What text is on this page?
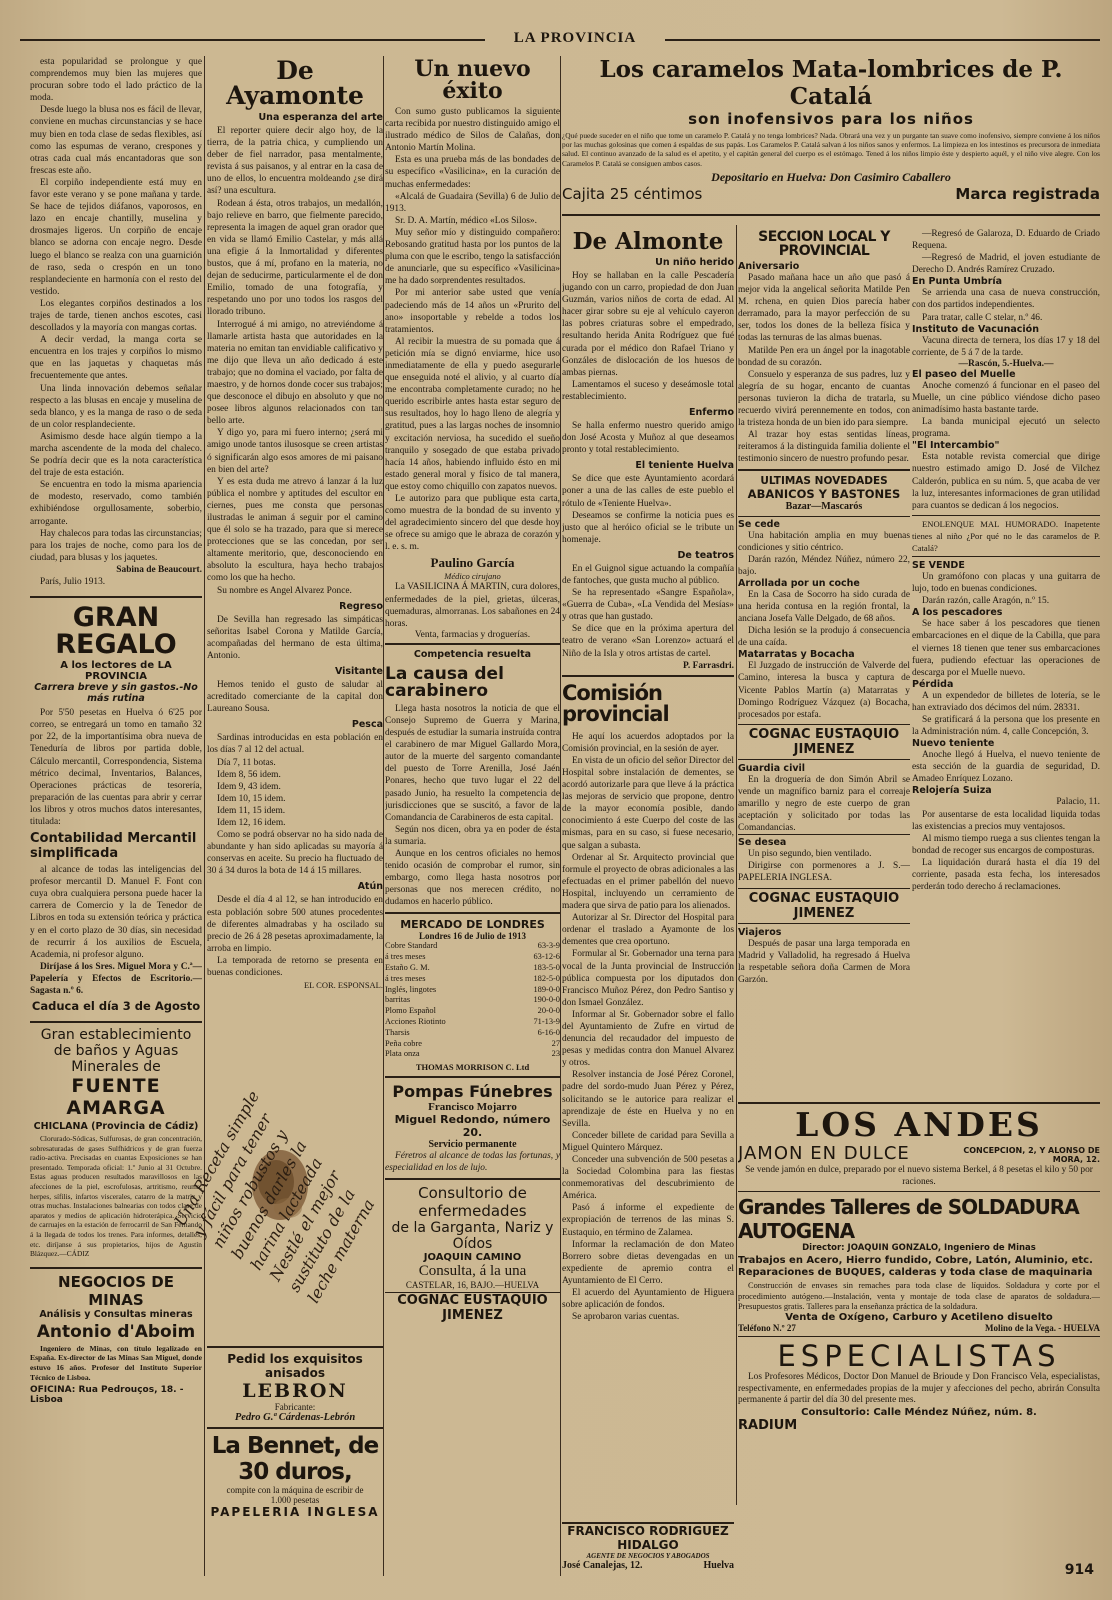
LA PROVINCIA

esta popularidad se prolongue y que comprendemos muy bien las mujeres que procuran sobre todo el lado práctico de la moda.

Desde luego la blusa nos es fácil de llevar, conviene en muchas circunstancias y se hace muy bien en toda clase de sedas flexibles, así como las espumas de verano, crespones y otras cada cual más encantadoras que son frescas este año.

El corpiño independiente está muy en favor este verano y se pone mañana y tarde. Se hace de tejidos diáfanos, vaporosos, en lazo en encaje chantilly, muselina y drosmajes ligeros. Un corpiño de encaje blanco se adorna con encaje negro. Desde luego el blanco se realza con una guarnición de raso, seda o crespón en un tono resplandeciente en harmonía con el resto del vestido.

Los elegantes corpiños destinados a los trajes de tarde, tienen anchos escotes, casi descollados y la mayoría con mangas cortas.

A decir verdad, la manga corta se encuentra en los trajes y corpiños lo mismo que en las jaquetas y chaquetas más frecuentemente que antes.

Una linda innovación debemos señalar respecto a las blusas en encaje y muselina de seda blanco, y es la manga de raso o de seda de un color resplandeciente.

Asimismo desde hace algún tiempo a la marcha ascendente de la moda del chaleco. Se podría decir que es la nota característica del traje de esta estación.

Se encuentra en todo la misma apariencia de modesto, reservado, como también exhibiéndose orgullosamente, soberbio, arrogante.

Hay chalecos para todas las circunstancias; para los trajes de noche, como para los de ciudad, para blusas y los jaquetes.

Sabina de Beaucourt.
París, Julio 1913.
GRAN REGALO
A los lectores de LA PROVINCIA
Carrera breve y sin gastos.-No más rutina

Por 5'50 pesetas en Huelva ó 6'25 por correo, se entregará un tomo en tamaño 32 por 22, de la importantísima obra nueva de Teneduría de libros por partida doble, Cálculo mercantil, Correspondencia, Sistema métrico decimal, Inventarios, Balances, Operaciones prácticas de tesorería, preparación de las cuentas para abrir y cerrar los libros y otros muchos datos interesantes, titulada:

Contabilidad Mercantil simplificada

al alcance de todas las inteligencias del profesor mercantil D. Manuel F. Font con cuya obra cualquiera persona puede hacer la carrera de Comercio y la de Tenedor de Libros en toda su extensión teórica y práctica y en el corto plazo de 30 días, sin necesidad de recurrir á los auxilios de Escuela, Academia, ni profesor alguno.

Diríjase á los Sres. Miguel Mora y C.ª—Papelería y Efectos de Escritorio.—Sagasta n.º 6.

Caduca el día 3 de Agosto
Gran establecimiento de baños y Aguas Minerales de
FUENTE AMARGA
CHICLANA (Provincia de Cádiz)

Clorurado-Sódicas, Sulfurosas, de gran concentración, sobresaturadas de gases Sulfhídricos y de gran fuerza radio-activa. Precisadas en cuantas Exposiciones se han presentado. Temporada oficial: 1.º Junio al 31 Octubre. Estas aguas producen resultados maravillosos en las afecciones de la piel, escrofulosas, artritismo, reuma, herpes, sífilis, infartos viscerales, catarro de la matriz y otras muchas. Instalaciones balnearias con todos clase de aparatos y medios de aplicación hidroterápica. Servicio de carruajes en la estación de ferrocarril de San Fernando á la llegada de todos los trenes. Para informes, detalles, etc. diríjanse á sus propietarios, hijos de Agustín Blázquez.—CÁDIZ

NEGOCIOS DE MINAS
Análisis y Consultas mineras
Antonio d'Aboim

Ingeniero de Minas, con título legalizado en España. Ex-director de las Minas San Miguel, donde estuvo 16 años. Profesor del Instituto Superior Técnico de Lisboa.

OFICINA: Rua Pedrouços, 18. - Lisboa
De Ayamonte
Una esperanza del arte

El reporter quiere decir algo hoy, de la tierra, de la patria chica, y cumpliendo un deber de fiel narrador, pasa mentalmente, revista á sus paisanos, y al entrar en la casa de uno de ellos, lo encuentra moldeando ¿se dirá así? una escultura.

Rodean á ésta, otros trabajos, un medallón, bajo relieve en barro, que fielmente parecido, representa la imagen de aquel gran orador que en vida se llamó Emilio Castelar, y más allá una efigie á la Inmortalidad y diferentes bustos, que á mí, profano en la materia, no dejan de seducirme, particularmente el de don Emilio, tomado de una fotografía, y respetando uno por uno todos los rasgos del llorado tribuno.

Interrogué á mi amigo, no atreviéndome á llamarle artista hasta que autoridades en la materia no emitan tan envidiable calificativo y me dijo que lleva un año dedicado á este trabajo; que no domina el vaciado, por falta de maestro, y de hornos donde cocer sus trabajos; que desconoce el dibujo en absoluto y que no posee libros algunos relacionados con tan bello arte.

Y digo yo, para mi fuero interno; ¿será mi amigo unode tantos ilusosque se creen artistas ó significarán algo esos amores de mi paisano en bien del arte?

Y es esta duda me atrevo á lanzar á la luz pública el nombre y aptitudes del escultor en ciernes, pues me consta que personas ilustradas le animan á seguir por el camino que él solo se ha trazado, para que si merece protecciones que se las concedan, por ser altamente meritorio, que, desconociendo en absoluto la escultura, haya hecho trabajos como los que ha hecho.

Su nombre es Angel Alvarez Ponce.

Regreso

De Sevilla han regresado las simpáticas señoritas Isabel Corona y Matilde García, acompañadas del hermano de esta última, Antonio.

Visitante

Hemos tenido el gusto de saludar al acreditado comerciante de la capital don Laureano Sousa.

Pesca

Sardinas introducidas en esta población en los días 7 al 12 del actual.

Día 7, 11 botas.
Idem 8, 56 idem.
Idem 9, 43 idem.
Idem 10, 15 idem.
Idem 11, 15 idem.
Idem 12, 16 idem.

Como se podrá observar no ha sido nada de abundante y han sido aplicadas su mayoría á conservas en aceite. Su precio ha fluctuado de 30 á 34 duros la bota de 14 á 15 millares.

Atún

Desde el día 4 al 12, se han introducido en esta población sobre 500 atunes procedentes de diferentes almadrabas y ha oscilado su precio de 26 á 28 pesetas aproximadamente, la arroba en limpio.

La temporada de retorno se presenta en buenas condiciones.

EL COR. ESPONSAL.
Una Receta simple y fácil para tener niños robustos y buenos darles la harina lacteada Nestlé el mejor sustituto de la leche materna
Pedid los exquisitos anisados
LEBRON
Fabricante:
Pedro G.ª Cárdenas-Lebrón
La Bennet, de 30 duros,
compite con la máquina de escribir de
1.000 pesetas
PAPELERIA INGLESA
Un nuevo éxito

Con sumo gusto publicamos la siguiente carta recibida por nuestro distinguido amigo el ilustrado médico de Silos de Calañas, don Antonio Martín Molina.

Esta es una prueba más de las bondades de su específico «Vasilicina», en la curación de muchas enfermedades:

«Alcalá de Guadaira (Sevilla) 6 de Julio de 1913.

Sr. D. A. Martín, médico «Los Silos».

Muy señor mío y distinguido compañero: Rebosando gratitud hasta por los puntos de la pluma con que le escribo, tengo la satisfacción de anunciarle, que su específico «Vasilicina» me ha dado sorprendentes resultados.

Por mi anterior sabe usted que venía padeciendo más de 14 años un «Prurito del ano» insoportable y rebelde a todos los tratamientos.

Al recibir la muestra de su pomada que á petición mía se dignó enviarme, hice uso inmediatamente de ella y puedo asegurarle que enseguida noté el alivio, y al cuarto día me encontraba completamente curado; no he querido escribirle antes hasta estar seguro de sus resultados, hoy lo hago lleno de alegría y gratitud, pues a las largas noches de insomnio y excitación nerviosa, ha sucedido el sueño tranquilo y sosegado de que estaba privado hacía 14 años, habiendo influido ésto en mi estado general moral y físico de tal manera, que estoy como chiquillo con zapatos nuevos.

Le autorizo para que publique esta carta, como muestra de la bondad de su invento y del agradecimiento sincero del que desde hoy se ofrece su amigo que le abraza de corazón y l. e. s. m.

Paulino García
Médico cirujano

La VASILICINA Á MARTIN, cura dolores, enfermedades de la piel, grietas, úlceras, quemaduras, almorranas. Los sabañones en 24 horas.

Venta, farmacias y droguerías.
Competencia resuelta
La causa del carabinero

Llega hasta nosotros la noticia de que el Consejo Supremo de Guerra y Marina, después de estudiar la sumaria instruída contra el carabinero de mar Miguel Gallardo Mora, autor de la muerte del sargento comandante del puesto de Torre Arenilla, José Jaén Ponares, hecho que tuvo lugar el 22 del pasado Junio, ha resuelto la competencia de jurisdicciones que se suscitó, a favor de la Comandancia de Carabineros de esta capital.

Según nos dicen, obra ya en poder de ésta la sumaria.

Aunque en los centros oficiales no hemos tenido ocasión de comprobar el rumor, sin embargo, como llega hasta nosotros por personas que nos merecen crédito, no dudamos en hacerlo público.

MERCADO DE LONDRES
Londres 16 de Julio de 1913
Cobre Standard	63-3-9
á tres meses	63-12-6
Estaño G. M.	183-5-0
á tres meses	182-5-0
Inglés, lingotes	189-0-0
barritas	190-0-0
Plomo Español	20-0-0
Acciones Riotinto	71-13-9
Tharsis	6-16-0
Peña cobre	27
Plata onza	23
THOMAS MORRISON C. Ltd
Pompas Fúnebres
Francisco Mojarro
Miguel Redondo, número 20.
Servicio permanente

Féretros al alcance de todas las fortunas, y especialidad en los de lujo.

Consultorio de enfermedades
de la Garganta, Nariz y Oídos
JOAQUIN CAMINO
Consulta, á la una
CASTELAR, 16, BAJO.—HUELVA
COGNAC EUSTAQUIO JIMENEZ
Los caramelos Mata-lombrices de P. Catalá
son inofensivos para los niños

¿Qué puede suceder en el niño que tome un caramelo P. Catalá y no tenga lombrices? Nada. Obrará una vez y un purgante tan suave como inofensivo, siempre conviene á los niños por las muchas golosinas que comen á espaldas de sus papás. Los Caramelos P. Catalá salvan á los niños sanos y enfermos. La limpieza en los intestinos es precursora de inmediata salud. El continuo avanzado de la salud es el apetito, y el capitán general del cuerpo es el estómago. Tened á los niños limpio éste y despierto aquél, y el niño vive alegre. Con los Caramelos P. Catalá se consiguen ambos casos.

Depositario en Huelva: Don Casimiro Caballero
Cajita 25 céntimos	Marca registrada
De Almonte
Un niño herido

Hoy se hallaban en la calle Pescadería jugando con un carro, propiedad de don Juan Guzmán, varios niños de corta de edad. Al hacer girar sobre su eje al vehículo cayeron las pobres criaturas sobre el empedrado, resultando herida Anita Rodríguez que fué curada por el médico don Rafael Triano y Gonzáles de dislocación de los huesos de ambas piernas.

Lamentamos el suceso y deseámosle total restablecimiento.

Enfermo

Se halla enfermo nuestro querido amigo don José Acosta y Muñoz al que deseamos pronto y total restablecimiento.

El teniente Huelva

Se dice que este Ayuntamiento acordará poner a una de las calles de este pueblo el rótulo de «Teniente Huelva».

Deseamos se confirme la noticia pues es justo que al heróico oficial se le tribute un homenaje.

De teatros

En el Guignol sigue actuando la compañía de fantoches, que gusta mucho al público.

Se ha representado «Sangre Española», «Guerra de Cuba», «La Vendida del Mesías» y otras que han gustado.

Se dice que en la próxima apertura del teatro de verano «San Lorenzo» actuará el Niño de la Isla y otros artistas de cartel.

P. Farrasdri.
Comisión provincial

He aquí los acuerdos adoptados por la Comisión provincial, en la sesión de ayer.

En vista de un oficio del señor Director del Hospital sobre instalación de dementes, se acordó autorizarle para que lleve á la práctica las mejoras de servicio que propone, dentro de la mayor economía posible, dando conocimiento á este Cuerpo del coste de las mismas, para en su caso, si fuese necesario, que salgan a subasta.

Ordenar al Sr. Arquitecto provincial que formule el proyecto de obras adicionales a las efectuadas en el primer pabellón del nuevo Hospital, incluyendo un cerramiento de madera que sirva de patio para los alienados.

Autorizar al Sr. Director del Hospital para ordenar el traslado a Ayamonte de los dementes que crea oportuno.

Formular al Sr. Gobernador una terna para vocal de la Junta provincial de Instrucción pública compuesta por los diputados don Francisco Muñoz Pérez, don Pedro Santiso y don Ismael González.

Informar al Sr. Gobernador sobre el fallo del Ayuntamiento de Zufre en virtud de denuncia del recaudador del impuesto de pesas y medidas contra don Manuel Alvarez y otros.

Resolver instancia de José Pérez Coronel, padre del sordo-mudo Juan Pérez y Pérez, solicitando se le autorice para realizar el aprendizaje de éste en Huelva y no en Sevilla.

Conceder billete de caridad para Sevilla a Miguel Quintero Márquez.

Conceder una subvención de 500 pesetas a la Sociedad Colombina para las fiestas conmemorativas del descubrimiento de América.

Pasó á informe el expediente de expropiación de terrenos de las minas S. Eustaquio, en término de Zalamea.

Informar la reclamación de don Mateo Borrero sobre dietas devengadas en un expediente de apremio contra el Ayuntamiento de El Cerro.

El acuerdo del Ayuntamiento de Higuera sobre aplicación de fondos.

Se aprobaron varias cuentas.

FRANCISCO RODRIGUEZ HIDALGO
AGENTE DE NEGOCIOS Y ABOGADOS
José Canalejas, 12.	Huelva
SECCION LOCAL Y PROVINCIAL
Aniversario

Pasado mañana hace un año que pasó á mejor vida la angelical señorita Matilde Pen M. rchena, en quien Dios parecía haber derramado, para la mayor perfección de su ser, todos los dones de la belleza física y todas las ternuras de las almas buenas.

Matilde Pen era un ángel por la inagotable bondad de su corazón.

Consuelo y esperanza de sus padres, luz y alegría de su hogar, encanto de cuantas personas tuvieron la dicha de tratarla, su recuerdo vivirá perennemente en todos, con la tristeza honda de un bien ido para siempre.

Al trazar hoy estas sentidas líneas, reiteramos á la distinguida familia doliente el testimonio sincero de nuestro profundo pesar.

ULTIMAS NOVEDADES
ABANICOS Y BASTONES
Bazar—Mascarós
Se cede

Una habitación amplia en muy buenas condiciones y sitio céntrico.

Darán razón, Méndez Núñez, número 22, bajo.

Arrollada por un coche

En la Casa de Socorro ha sido curada de una herida contusa en la región frontal, la anciana Josefa Valle Delgado, de 68 años.

Dicha lesión se la produjo á consecuencia de una caída.

Matarratas y Bocacha

El Juzgado de instrucción de Valverde del Camino, interesa la busca y captura de Vicente Pablos Martín (a) Matarratas y Domingo Rodríguez Vázquez (a) Bocacha, procesados por estafa.

COGNAC EUSTAQUIO JIMENEZ
Guardia civil

En la droguería de don Simón Abril se vende un magnífico barniz para el correaje amarillo y negro de este cuerpo de gran aceptación y solicitado por todas las Comandancias.

Se desea

Un piso segundo, bien ventilado.

Dirigirse con pormenores a J. S.—PAPELERIA INGLESA.

COGNAC EUSTAQUIO JIMENEZ
Viajeros

Después de pasar una larga temporada en Madrid y Valladolid, ha regresado á Huelva la respetable señora doña Carmen de Mora Garzón.

—Regresó de Galaroza, D. Eduardo de Criado Requena.

—Regresó de Madrid, el joven estudiante de Derecho D. Andrés Ramírez Cruzado.

En Punta Umbría

Se arrienda una casa de nueva construcción, con dos partidos independientes.

Para tratar, calle C stelar, n.º 46.

Instituto de Vacunación

Vacuna directa de ternera, los días 17 y 18 del corriente, de 5 á 7 de la tarde.

—Rascón, 5.-Huelva.—
El paseo del Muelle

Anoche comenzó á funcionar en el paseo del Muelle, un cine público viéndose dicho paseo animadísimo hasta bastante tarde.

La banda municipal ejecutó un selecto programa.

"El Intercambio"

Esta notable revista comercial que dirige nuestro estimado amigo D. José de Vilchez Calderón, publica en su núm. 5, que acaba de ver la luz, interesantes informaciones de gran utilidad para cuantos se dedican á los negocios.

ENOLENQUE MAL HUMORADO. Inapetente tienes al niño ¿Por qué no le das caramelos de P. Catalá?

SE VENDE

Un gramófono con placas y una guitarra de lujo, todo en buenas condiciones.

Darán razón, calle Aragón, n.º 15.

A los pescadores

Se hace saber á los pescadores que tienen embarcaciones en el dique de la Cabilla, que para el viernes 18 tienen que tener sus embarcaciones fuera, pudiendo efectuar las operaciones de descarga por el Muelle nuevo.

Pérdida

A un expendedor de billetes de lotería, se le han extraviado dos décimos del núm. 28331.

Se gratificará á la persona que los presente en la Administración núm. 4, calle Concepción, 3.

Nuevo teniente

Anoche llegó á Huelva, el nuevo teniente de esta sección de la guardia de seguridad, D. Amadeo Enríquez Lozano.

Relojería Suiza
Palacio, 11.

Por ausentarse de esta localidad liquida todas las existencias a precios muy ventajosos.

Al mismo tiempo ruega a sus clientes tengan la bondad de recoger sus encargos de composturas.

La liquidación durará hasta el día 19 del corriente, pasada esta fecha, los interesados perderán todo derecho á reclamaciones.

LOS ANDES
JAMON EN DULCE	CONCEPCION, 2, Y ALONSO DE MORA, 12.

Se vende jamón en dulce, preparado por el nuevo sistema Berkel, á 8 pesetas el kilo y 50 por raciones.

Grandes Talleres de SOLDADURA AUTOGENA
Director: JOAQUIN GONZALO, Ingeniero de Minas
Trabajos en Acero, Hierro fundido, Cobre, Latón, Aluminio, etc. Reparaciones de BUQUES, calderas y toda clase de maquinaria

Construcción de envases sin remaches para toda clase de líquidos. Soldadura y corte por el procedimiento autógeno.—Instalación, venta y montaje de toda clase de aparatos de soldadura.—Presupuestos gratis. Talleres para la enseñanza práctica de la soldadura.

Venta de Oxígeno, Carburo y Acetileno disuelto
Teléfono N.º 27	Molino de la Vega. - HUELVA
ESPECIALISTAS

Los Profesores Médicos, Doctor Don Manuel de Brioude y Don Francisco Vela, especialistas, respectivamente, en enfermedades propias de la mujer y afecciones del pecho, abrirán Consulta permanente á partir del día 30 del presente mes.

Consultorio: Calle Méndez Núñez, núm. 8.
RADIUM
914
